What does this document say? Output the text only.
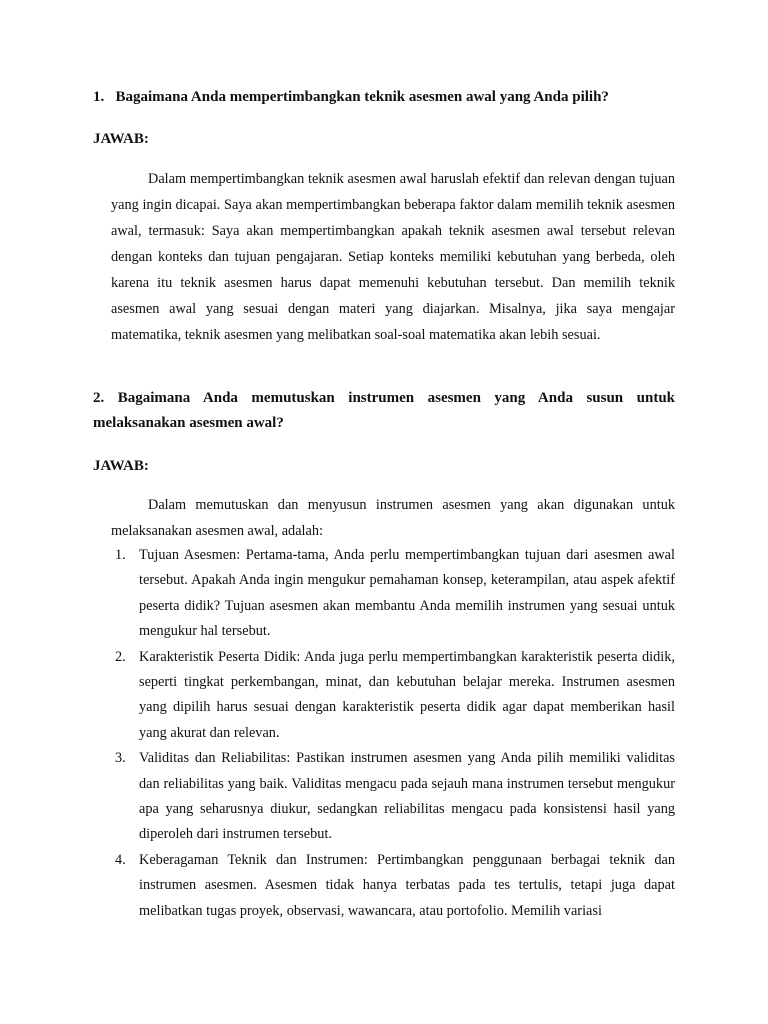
1.   Bagaimana Anda mempertimbangkan teknik asesmen awal yang Anda pilih?

JAWAB:

Dalam mempertimbangkan teknik asesmen awal haruslah efektif dan relevan dengan tujuan yang ingin dicapai. Saya akan mempertimbangkan beberapa faktor dalam memilih teknik asesmen awal, termasuk: Saya akan mempertimbangkan apakah teknik asesmen awal tersebut relevan dengan konteks dan tujuan pengajaran. Setiap konteks memiliki kebutuhan yang berbeda, oleh karena itu teknik asesmen harus dapat memenuhi kebutuhan tersebut. Dan memilih teknik asesmen awal yang sesuai dengan materi yang diajarkan. Misalnya, jika saya mengajar matematika, teknik asesmen yang melibatkan soal-soal matematika akan lebih sesuai.

2. Bagaimana Anda memutuskan instrumen asesmen yang Anda susun untuk melaksanakan asesmen awal?

JAWAB:

Dalam memutuskan dan menyusun instrumen asesmen yang akan digunakan untuk melaksanakan asesmen awal, adalah:

1. Tujuan Asesmen: Pertama-tama, Anda perlu mempertimbangkan tujuan dari asesmen awal tersebut. Apakah Anda ingin mengukur pemahaman konsep, keterampilan, atau aspek afektif peserta didik? Tujuan asesmen akan membantu Anda memilih instrumen yang sesuai untuk mengukur hal tersebut.
2. Karakteristik Peserta Didik: Anda juga perlu mempertimbangkan karakteristik peserta didik, seperti tingkat perkembangan, minat, dan kebutuhan belajar mereka. Instrumen asesmen yang dipilih harus sesuai dengan karakteristik peserta didik agar dapat memberikan hasil yang akurat dan relevan.
3. Validitas dan Reliabilitas: Pastikan instrumen asesmen yang Anda pilih memiliki validitas dan reliabilitas yang baik. Validitas mengacu pada sejauh mana instrumen tersebut mengukur apa yang seharusnya diukur, sedangkan reliabilitas mengacu pada konsistensi hasil yang diperoleh dari instrumen tersebut.
4. Keberagaman Teknik dan Instrumen: Pertimbangkan penggunaan berbagai teknik dan instrumen asesmen. Asesmen tidak hanya terbatas pada tes tertulis, tetapi juga dapat melibatkan tugas proyek, observasi, wawancara, atau portofolio. Memilih variasi
